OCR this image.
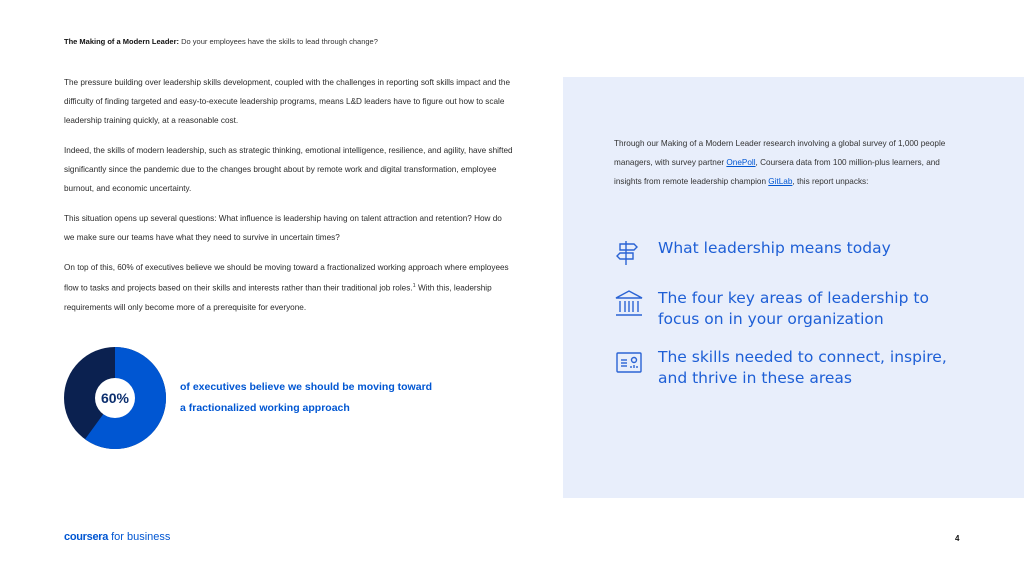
The Making of a Modern Leader: Do your employees have the skills to lead through change?

The pressure building over leadership skills development, coupled with the challenges in reporting soft skills impact and the difficulty of finding targeted and easy-to-execute leadership programs, means L&D leaders have to figure out how to scale leadership training quickly, at a reasonable cost.

Indeed, the skills of modern leadership, such as strategic thinking, emotional intelligence, resilience, and agility, have shifted significantly since the pandemic due to the changes brought about by remote work and digital transformation, employee burnout, and economic uncertainty.

This situation opens up several questions: What influence is leadership having on talent attraction and retention? How do we make sure our teams have what they need to survive in uncertain times?

On top of this, 60% of executives believe we should be moving toward a fractionalized working approach where employees flow to tasks and projects based on their skills and interests rather than their traditional job roles.$^1$ With this, leadership requirements will only become more of a prerequisite for everyone.

60%
of executives believe we should be moving toward a fractionalized working approach
Through our Making of a Modern Leader research involving a global survey of 1,000 people managers, with survey partner OnePoll, Coursera data from 100 million-plus learners, and insights from remote leadership champion GitLab, this report unpacks:
What leadership means today
The four key areas of leadership to focus on in your organization
The skills needed to connect, inspire, and thrive in these areas
coursera for business	4
